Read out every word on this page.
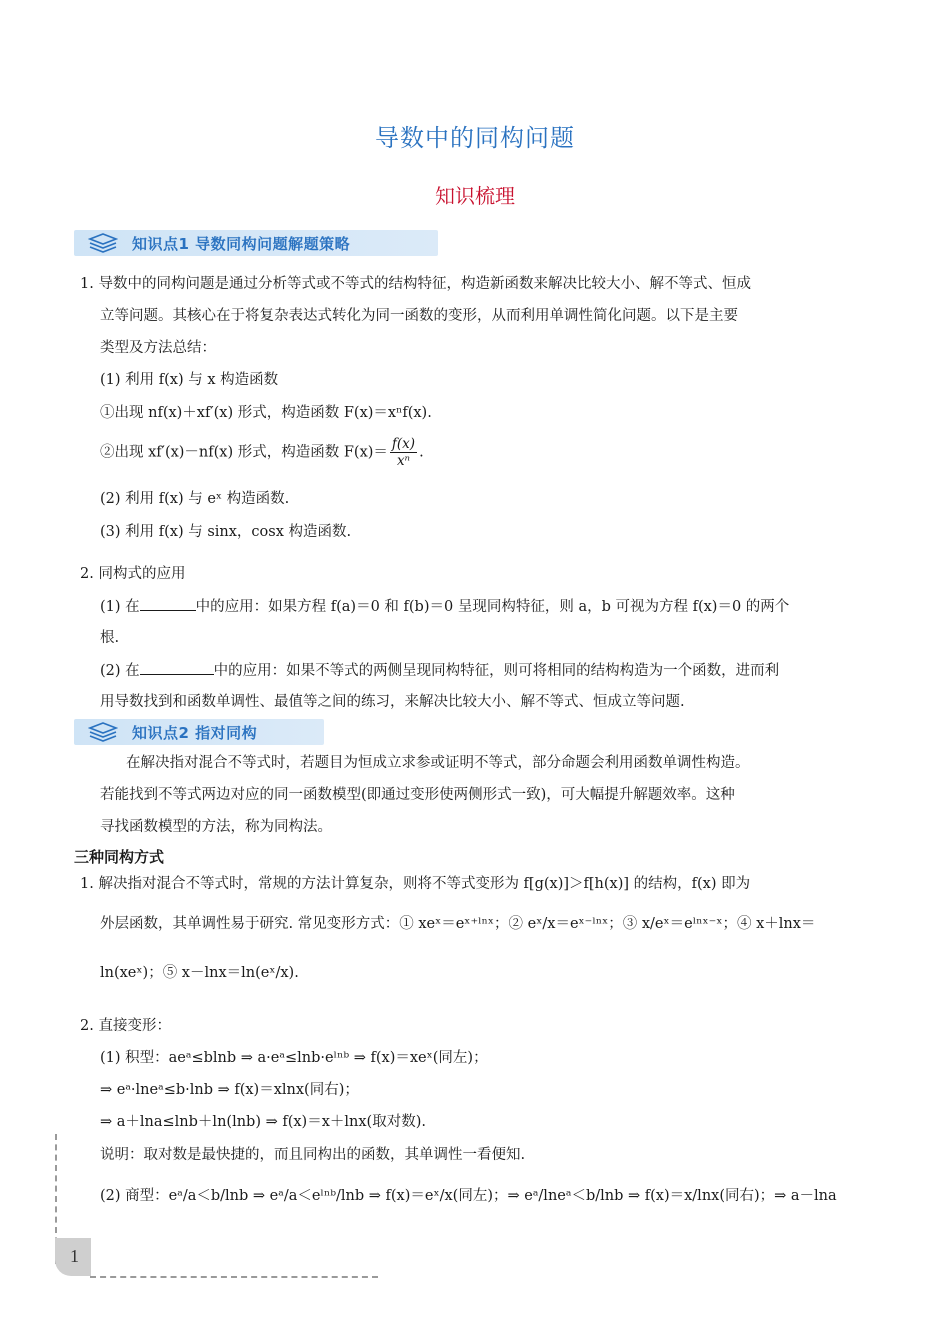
导数中的同构问题
知识梳理
知识点1 导数同构问题解题策略
1. 导数中的同构问题是通过分析等式或不等式的结构特征，构造新函数来解决比较大小、解不等式、恒成
立等问题。其核心在于将复杂表达式转化为同一函数的变形，从而利用单调性简化问题。以下是主要
类型及方法总结：
(1) 利用 f(x) 与 x 构造函数
①出现 nf(x)＋xf′(x) 形式，构造函数 F(x)＝xⁿf(x).
②出现 xf′(x)－nf(x) 形式，构造函数 $F(x)= \frac{f(x)}{\text{xⁿ}}$ .
(2) 利用 f(x) 与 eˣ 构造函数.
(3) 利用 f(x) 与 sinx，cosx 构造函数.
2. 同构式的应用
(1) 在	中的应用：如果方程 f(a)＝0 和 f(b)＝0 呈现同构特征，则 a，b 可视为方程 f(x)＝0 的两个
根.
(2) 在	中的应用：如果不等式的两侧呈现同构特征，则可将相同的结构构造为一个函数，进而利
用导数找到和函数单调性、最值等之间的练习，来解决比较大小、解不等式、恒成立等问题.
知识点2 指对同构
在解决指对混合不等式时，若题目为恒成立求参或证明不等式，部分命题会利用函数单调性构造。
若能找到不等式两边对应的同一函数模型(即通过变形使两侧形式一致)，可大幅提升解题效率。这种
寻找函数模型的方法，称为同构法。
三种同构方式
1. 解决指对混合不等式时，常规的方法计算复杂，则将不等式变形为 f[g(x)]＞f[h(x)] 的结构，f(x) 即为
外层函数，其单调性易于研究. 常见变形方式：① xeˣ＝eˣ⁺ˡⁿˣ；② eˣ/x＝eˣ⁻ˡⁿˣ；③ x/eˣ＝eˡⁿˣ⁻ˣ；④ x＋lnx＝
ln(xeˣ)；⑤ x－lnx＝ln(eˣ/x).
2. 直接变形：
(1) 积型：aeᵃ≤blnb ⇒ a·eᵃ≤lnb·eˡⁿᵇ ⇒ f(x)＝xeˣ(同左)；
⇒ eᵃ·lneᵃ≤b·lnb ⇒ f(x)＝xlnx(同右)；
⇒ a＋lna≤lnb＋ln(lnb) ⇒ f(x)＝x＋lnx(取对数).
说明：取对数是最快捷的，而且同构出的函数，其单调性一看便知.
(2) 商型：eᵃ/a＜b/lnb ⇒ eᵃ/a＜eˡⁿᵇ/lnb ⇒ f(x)＝eˣ/x(同左)；⇒ eᵃ/lneᵃ＜b/lnb ⇒ f(x)＝x/lnx(同右)；⇒ a－lna
1
